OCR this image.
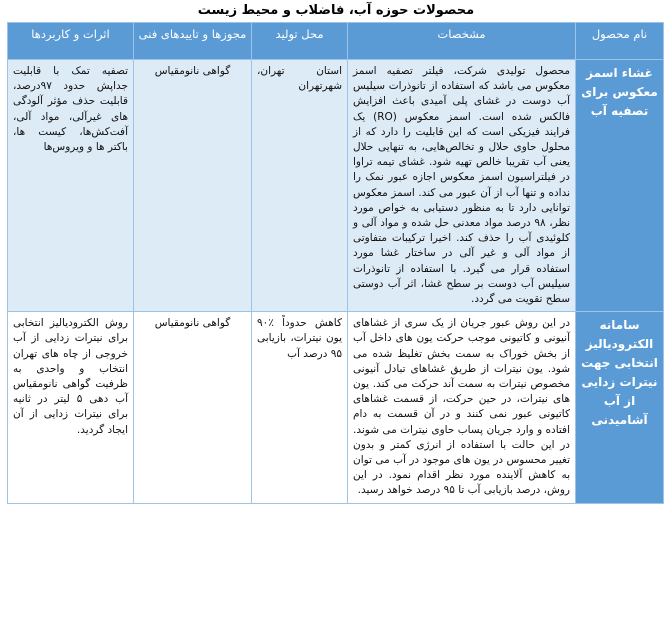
محصولات حوزه آب، فاضلاب و محیط زیست
نام محصول	مشخصات	محل تولید	مجوزها و تاییدهای فنی	اثرات و کاربردها
غشاء اسمز معکوس برای تصفیه آب	محصول تولیدی شرکت، فیلتر تصفیه اسمز معکوس می باشد که استفاده از تانوذرات سیلیس آب دوست در غشای پلی آمیدی باعث افزایش فالکس شده است. اسمز معکوس (RO) یک فرایند فیزیکی است که این قابلیت را دارد که از محلول حاوی حلال و تخالص‌هایی، به تنهایی حلال یعنی آب تقریبا خالص تهیه شود. غشای تیمه تراوا در فیلتراسیون اسمز معکوس اجازه عبور نمک را نداده و تنها آب از آن عبور می کند. اسمز معکوس توانایی دارد تا به منظور دستیابی به خواص مورد نظر، ۹۸ درصد مواد معدنی حل شده و مواد آلی و کلوئیدی آب را حذف کند. اخیرا ترکیبات متفاوتی از مواد آلی و غیر آلی در ساختار غشا مورد استفاده قرار می گیرد. با استفاده از تانوذرات سیلیس آب دوست بر سطح غشا، اثر آب دوستی سطح تقویت می گردد.	استان تهران، شهرتهران	گواهی نانومقیاس	تصفیه تمک با قابلیت جداپش حدود ۹۷درصد، قابلیت حذف مؤثر آلودگی های غیرآلی، مواد آلی، آفت‌کش‌ها، کیست ها، باکتر ها و ویروس‌ها
سامانه الکترودیالیز انتخابی جهت نیترات زدایی از آب آشامیدنی	در این روش عبور جریان از یک سری از غشاهای آنیونی و کاتیونی موجب حرکت یون های داخل آب از بخش خوراک به سمت بخش تغلیظ شده می شود. یون نیترات از طریق غشاهای تبادل آنیونی مخصوص نیترات به سمت آند حرکت می کند. یون های نیترات، در حین حرکت، از قسمت غشاهای کاتیونی عبور نمی کنند و در آن قسمت به دام افتاده و وارد جریان پساب حاوی نیترات می شوند. در این حالت با استفاده از انرژی کمتر و بدون تغییر محسوس در یون های موجود در آب می توان به کاهش آلاینده مورد نظر اقدام نمود. در این روش، درصد بازیابی آب تا ۹۵ درصد خواهد رسید.	کاهش حدوداً ٪۹۰ یون نیترات، بازیابی ۹۵ درصد آب	گواهی نانومقیاس	روش الکترودیالیز انتخابی برای نیترات زدایی از آب خروجی از چاه های تهران انتخاب و واحدی به ظرفیت گواهی نانومقیاس آب دهی ۵ لیتر در ثانیه برای نیترات زدایی از آن ایجاد گردید.
